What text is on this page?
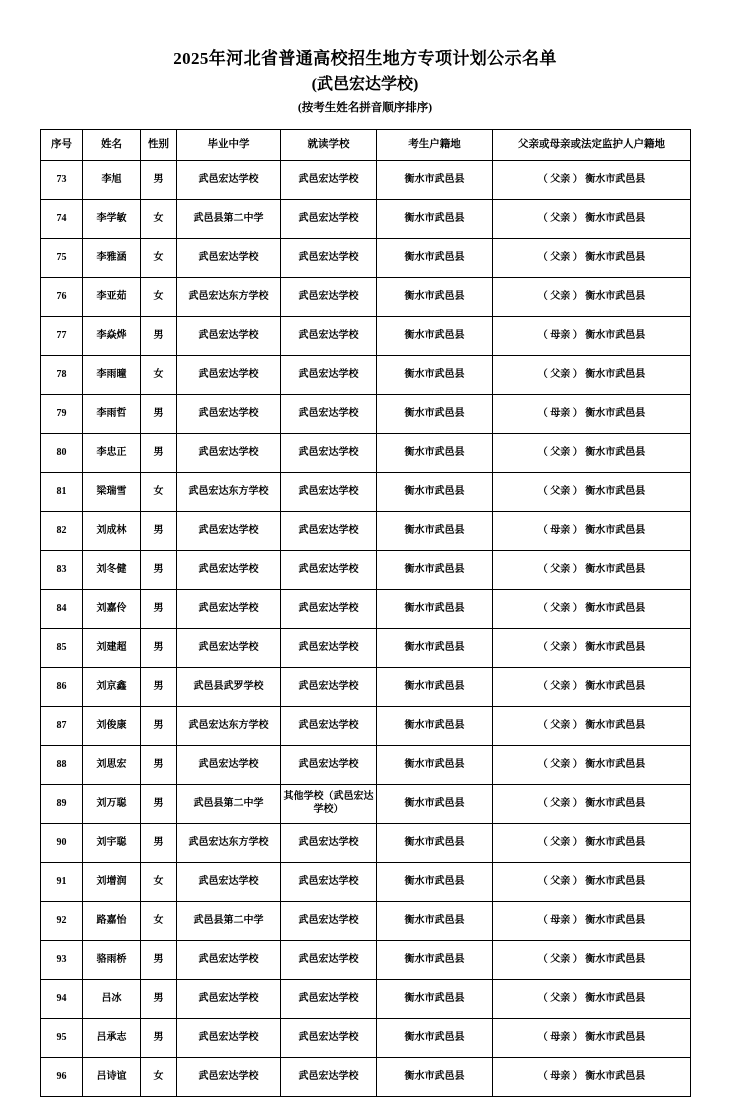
2025年河北省普通高校招生地方专项计划公示名单
(武邑宏达学校)
(按考生姓名拼音顺序排序)
序号	姓名	性别	毕业中学	就读学校	考生户籍地	父亲或母亲或法定监护人户籍地
73	李旭	男	武邑宏达学校	武邑宏达学校	衡水市武邑县	（ 父亲 ） 衡水市武邑县
74	李学敏	女	武邑县第二中学	武邑宏达学校	衡水市武邑县	（ 父亲 ） 衡水市武邑县
75	李雅涵	女	武邑宏达学校	武邑宏达学校	衡水市武邑县	（ 父亲 ） 衡水市武邑县
76	李亚茹	女	武邑宏达东方学校	武邑宏达学校	衡水市武邑县	（ 父亲 ） 衡水市武邑县
77	李焱烨	男	武邑宏达学校	武邑宏达学校	衡水市武邑县	（ 母亲 ） 衡水市武邑县
78	李雨曈	女	武邑宏达学校	武邑宏达学校	衡水市武邑县	（ 父亲 ） 衡水市武邑县
79	李雨哲	男	武邑宏达学校	武邑宏达学校	衡水市武邑县	（ 母亲 ） 衡水市武邑县
80	李忠正	男	武邑宏达学校	武邑宏达学校	衡水市武邑县	（ 父亲 ） 衡水市武邑县
81	梁瑞雪	女	武邑宏达东方学校	武邑宏达学校	衡水市武邑县	（ 父亲 ） 衡水市武邑县
82	刘成林	男	武邑宏达学校	武邑宏达学校	衡水市武邑县	（ 母亲 ） 衡水市武邑县
83	刘冬健	男	武邑宏达学校	武邑宏达学校	衡水市武邑县	（ 父亲 ） 衡水市武邑县
84	刘嘉伶	男	武邑宏达学校	武邑宏达学校	衡水市武邑县	（ 父亲 ） 衡水市武邑县
85	刘建超	男	武邑宏达学校	武邑宏达学校	衡水市武邑县	（ 父亲 ） 衡水市武邑县
86	刘京鑫	男	武邑县武罗学校	武邑宏达学校	衡水市武邑县	（ 父亲 ） 衡水市武邑县
87	刘俊康	男	武邑宏达东方学校	武邑宏达学校	衡水市武邑县	（ 父亲 ） 衡水市武邑县
88	刘思宏	男	武邑宏达学校	武邑宏达学校	衡水市武邑县	（ 父亲 ） 衡水市武邑县
89	刘万聪	男	武邑县第二中学	其他学校（武邑宏达学校）	衡水市武邑县	（ 父亲 ） 衡水市武邑县
90	刘宇聪	男	武邑宏达东方学校	武邑宏达学校	衡水市武邑县	（ 父亲 ） 衡水市武邑县
91	刘增润	女	武邑宏达学校	武邑宏达学校	衡水市武邑县	（ 父亲 ） 衡水市武邑县
92	路嘉怡	女	武邑县第二中学	武邑宏达学校	衡水市武邑县	（ 母亲 ） 衡水市武邑县
93	骆雨桥	男	武邑宏达学校	武邑宏达学校	衡水市武邑县	（ 父亲 ） 衡水市武邑县
94	吕冰	男	武邑宏达学校	武邑宏达学校	衡水市武邑县	（ 父亲 ） 衡水市武邑县
95	吕承志	男	武邑宏达学校	武邑宏达学校	衡水市武邑县	（ 母亲 ） 衡水市武邑县
96	吕诗谊	女	武邑宏达学校	武邑宏达学校	衡水市武邑县	（ 母亲 ） 衡水市武邑县
